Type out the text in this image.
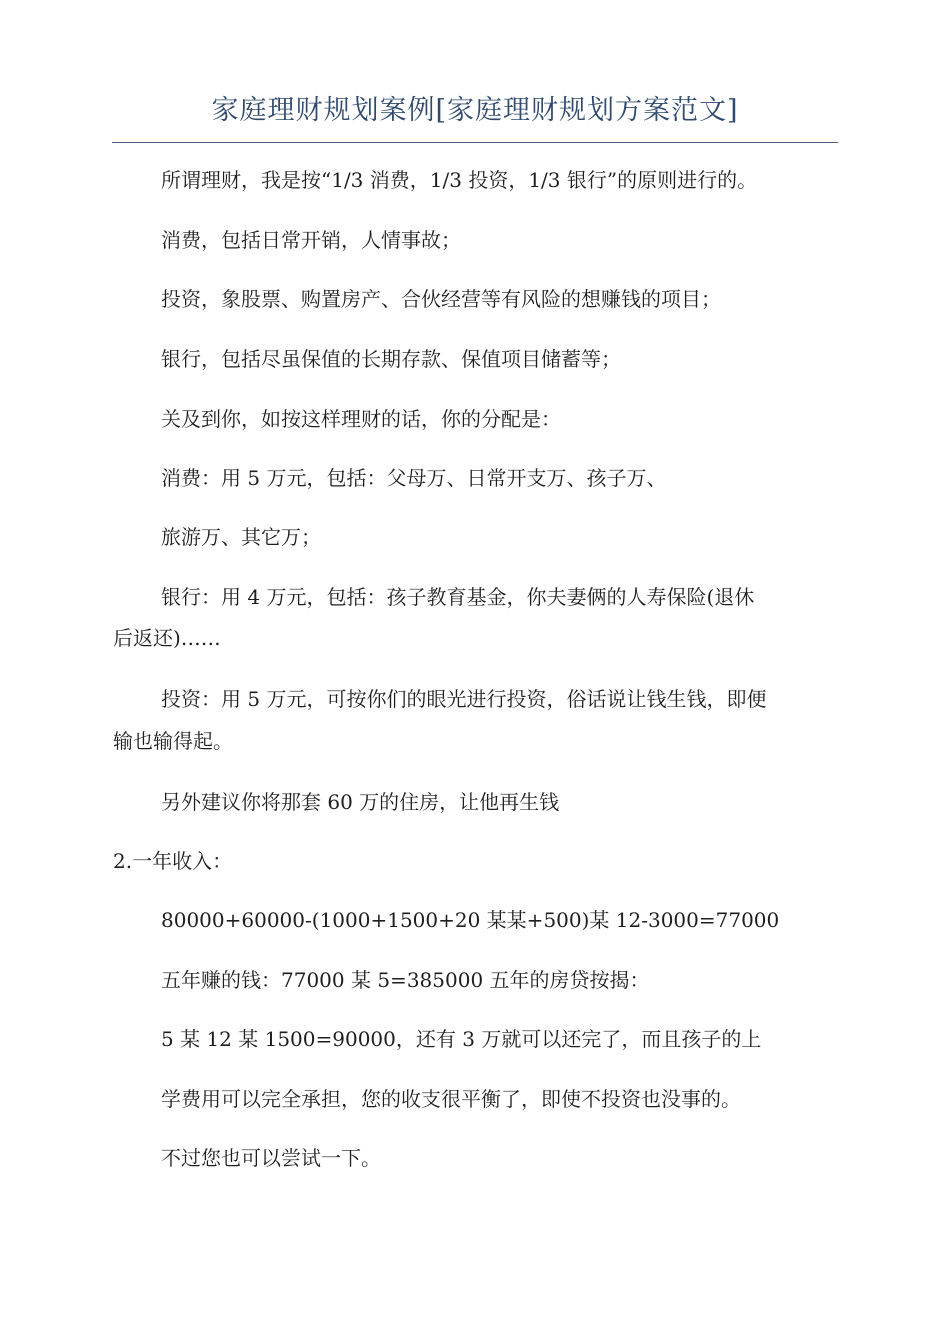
家庭理财规划案例[家庭理财规划方案范文]
所谓理财，我是按“1/3 消费，1/3 投资，1/3 银行”的原则进行的。
消费，包括日常开销，人情事故；
投资，象股票、购置房产、合伙经营等有风险的想赚钱的项目；
银行，包括尽虽保值的长期存款、保值项目储蓄等；
关及到你，如按这样理财的话，你的分配是：
消费：用 5 万元，包括：父母万、日常开支万、孩子万、
旅游万、其它万；
银行：用 4 万元，包括：孩子教育基金，你夫妻俩的人寿保险(退休
后返还)……
投资：用 5 万元，可按你们的眼光进行投资，俗话说让钱生钱，即便
输也输得起。
另外建议你将那套 60 万的住房，让他再生钱
2.一年收入：
80000+60000-(1000+1500+20 某某+500)某 12-3000=77000
五年赚的钱：77000 某 5=385000 五年的房贷按揭：
5 某 12 某 1500=90000，还有 3 万就可以还完了，而且孩子的上
学费用可以完全承担，您的收支很平衡了，即使不投资也没事的。
不过您也可以尝试一下。
